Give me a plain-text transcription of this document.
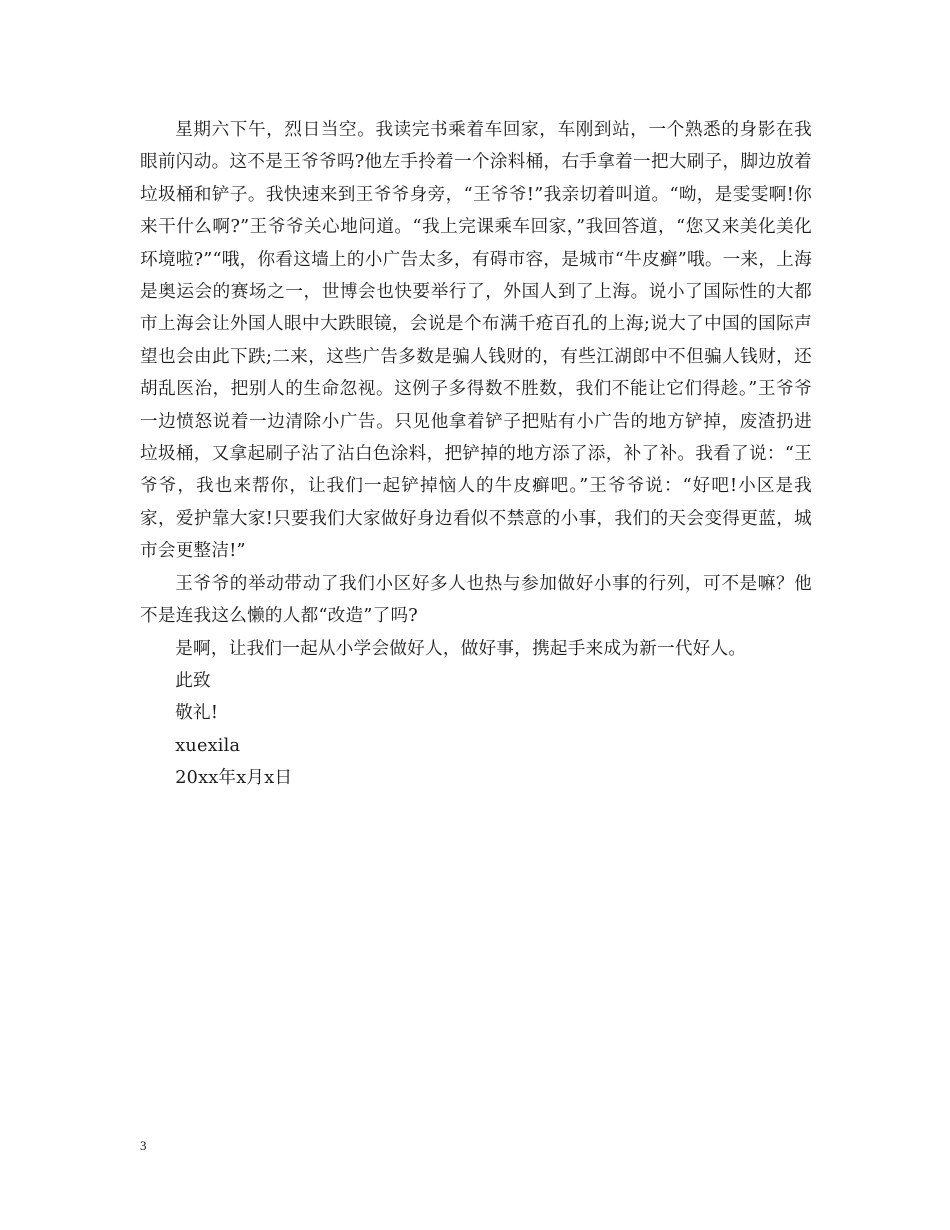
星期六下午，烈日当空。我读完书乘着车回家，车刚到站，一个熟悉的身影在我眼前闪动。这不是王爷爷吗?他左手拎着一个涂料桶，右手拿着一把大刷子，脚边放着垃圾桶和铲子。我快速来到王爷爷身旁，“王爷爷!”我亲切着叫道。“呦，是雯雯啊!你来干什么啊?”王爷爷关心地问道。“我上完课乘车回家，”我回答道，“您又来美化美化环境啦?”“哦，你看这墙上的小广告太多，有碍市容，是城市“牛皮癣”哦。一来，上海是奥运会的赛场之一，世博会也快要举行了，外国人到了上海。说小了国际性的大都市上海会让外国人眼中大跌眼镜，会说是个布满千疮百孔的上海;说大了中国的国际声望也会由此下跌;二来，这些广告多数是骗人钱财的，有些江湖郎中不但骗人钱财，还胡乱医治，把别人的生命忽视。这例子多得数不胜数，我们不能让它们得趁。”王爷爷一边愤怒说着一边清除小广告。只见他拿着铲子把贴有小广告的地方铲掉，废渣扔进垃圾桶，又拿起刷子沾了沾白色涂料，把铲掉的地方添了添，补了补。我看了说：“王爷爷，我也来帮你，让我们一起铲掉恼人的牛皮癣吧。”王爷爷说：“好吧!小区是我家，爱护靠大家!只要我们大家做好身边看似不禁意的小事，我们的天会变得更蓝，城市会更整洁!”

王爷爷的举动带动了我们小区好多人也热与参加做好小事的行列，可不是嘛？他不是连我这么懒的人都“改造”了吗?

是啊，让我们一起从小学会做好人，做好事，携起手来成为新一代好人。

此致

敬礼!

xuexila

20xx年x月x日

3
